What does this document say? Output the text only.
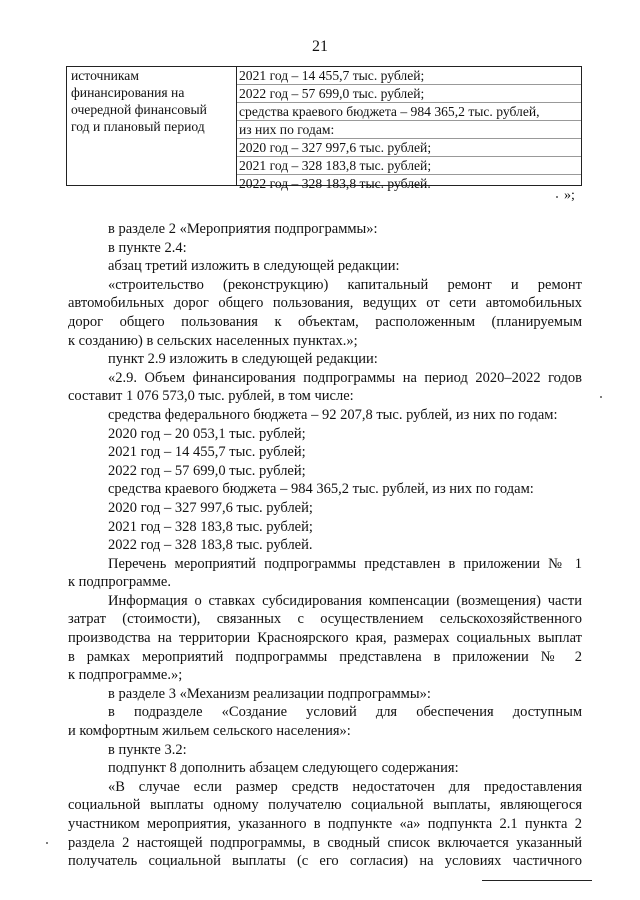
21
источникам
финансирования на
очередной финансовый
год и плановый период
2021 год – 14 455,7 тыс. рублей;
2022 год – 57 699,0 тыс. рублей;
средства краевого бюджета – 984 365,2 тыс. рублей,
из них по годам:
2020 год – 327 997,6 тыс. рублей;
2021 год – 328 183,8 тыс. рублей;
2022 год – 328 183,8 тыс. рублей.
»;
в разделе 2 «Мероприятия подпрограммы»:
в пункте 2.4:
абзац третий изложить в следующей редакции:
«строительство (реконструкцию) капитальный ремонт и ремонт
автомобильных дорог общего пользования, ведущих от сети автомобильных
дорог общего пользования к объектам, расположенным (планируемым
к созданию) в сельских населенных пунктах.»;
пункт 2.9 изложить в следующей редакции:
«2.9. Объем финансирования подпрограммы на период 2020–2022 годов
составит 1 076 573,0 тыс. рублей, в том числе:
средства федерального бюджета – 92 207,8 тыс. рублей, из них по годам:
2020 год – 20 053,1 тыс. рублей;
2021 год – 14 455,7 тыс. рублей;
2022 год – 57 699,0 тыс. рублей;
средства краевого бюджета – 984 365,2 тыс. рублей, из них по годам:
2020 год – 327 997,6 тыс. рублей;
2021 год – 328 183,8 тыс. рублей;
2022 год – 328 183,8 тыс. рублей.
Перечень мероприятий подпрограммы представлен в приложении № 1
к подпрограмме.
Информация о ставках субсидирования компенсации (возмещения) части
затрат (стоимости), связанных с осуществлением сельскохозяйственного
производства на территории Красноярского края, размерах социальных выплат
в рамках мероприятий подпрограммы представлена в приложении № 2
к подпрограмме.»;
в разделе 3 «Механизм реализации подпрограммы»:
в подразделе «Создание условий для обеспечения доступным
и комфортным жильем сельского населения»:
в пункте 3.2:
подпункт 8 дополнить абзацем следующего содержания:
«В случае если размер средств недостаточен для предоставления
социальной выплаты одному получателю социальной выплаты, являющегося
участником мероприятия, указанного в подпункте «а» подпункта 2.1 пункта 2
раздела 2 настоящей подпрограммы, в сводный список включается указанный
получатель социальной выплаты (с его согласия) на условиях частичного
